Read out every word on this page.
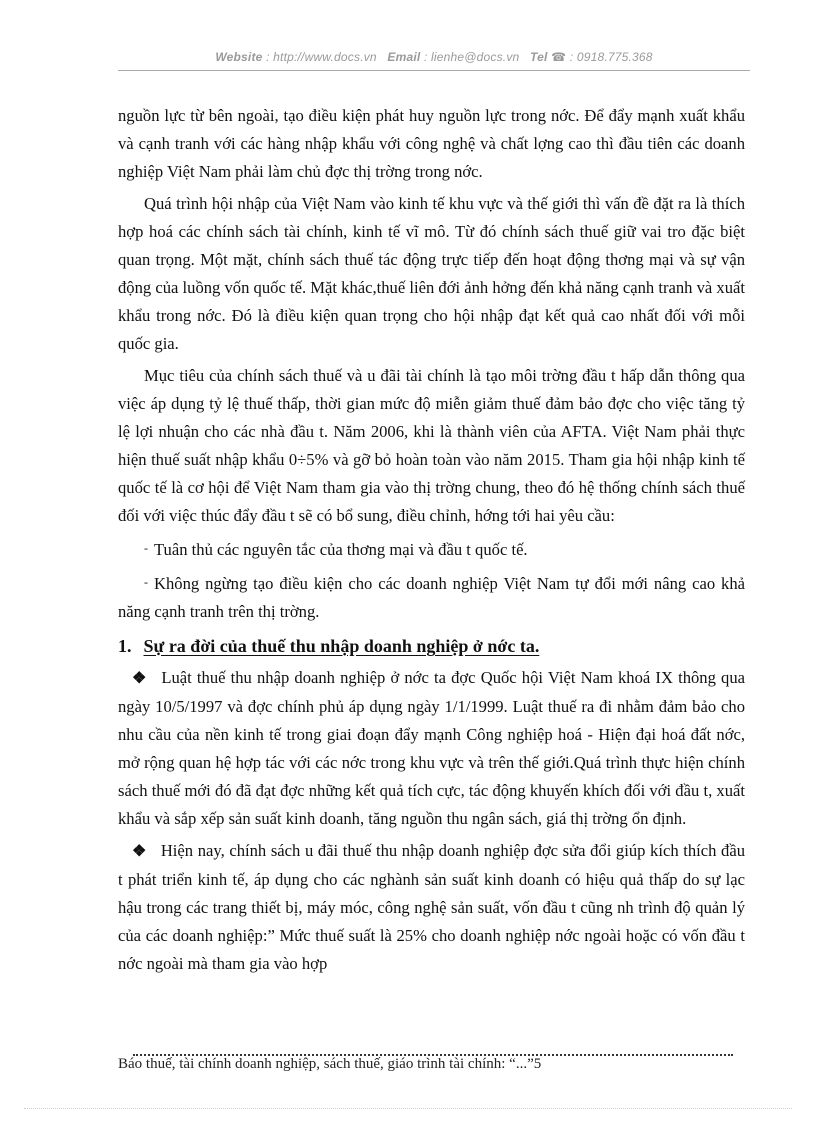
Website : http://www.docs.vn Email : lienhe@docs.vn Tel ☎ : 0918.775.368

nguồn lực từ bên ngoài, tạo điều kiện phát huy nguồn lực trong nớc. Để đẩy mạnh xuất khẩu và cạnh tranh với các hàng nhập khẩu với công nghệ và chất lợng cao thì đầu tiên các doanh nghiệp Việt Nam phải làm chủ đợc thị trờng trong nớc.

Quá trình hội nhập của Việt Nam vào kinh tế khu vực và thế giới thì vấn đề đặt ra là thích hợp hoá các chính sách tài chính, kinh tế vĩ mô. Từ đó chính sách thuế giữ vai tro đặc biệt quan trọng. Một mặt, chính sách thuế tác động trực tiếp đến hoạt động thơng mại và sự vận động của luồng vốn quốc tế. Mặt khác,thuế liên đới ảnh hởng đến khả năng cạnh tranh và xuất khẩu trong nớc. Đó là điều kiện quan trọng cho hội nhập đạt kết quả cao nhất đối với mỗi quốc gia.

Mục tiêu của chính sách thuế và u đãi tài chính là tạo môi trờng đầu t hấp dẫn thông qua việc áp dụng tỷ lệ thuế thấp, thời gian mức độ miễn giảm thuế đảm bảo đợc cho việc tăng tỷ lệ lợi nhuận cho các nhà đầu t. Năm 2006, khi là thành viên của AFTA. Việt Nam phải thực hiện thuế suất nhập khẩu 0÷5% và gỡ bỏ hoàn toàn vào năm 2015. Tham gia hội nhập kinh tế quốc tế là cơ hội để Việt Nam tham gia vào thị trờng chung, theo đó hệ thống chính sách thuế đối với việc thúc đẩy đầu t sẽ có bổ sung, điều chỉnh, hớng tới hai yêu cầu:

- Tuân thủ các nguyên tắc của thơng mại và đầu t quốc tế.

- Không ngừng tạo điều kiện cho các doanh nghiệp Việt Nam tự đổi mới nâng cao khả năng cạnh tranh trên thị trờng.

1. Sự ra đời của thuế thu nhập doanh nghiệp ở nớc ta.

❖ Luật thuế thu nhập doanh nghiệp ở nớc ta đợc Quốc hội Việt Nam khoá IX thông qua ngày 10/5/1997 và đợc chính phủ áp dụng ngày 1/1/1999. Luật thuế ra đi nhằm đảm bảo cho nhu cầu của nền kinh tế trong giai đoạn đẩy mạnh Công nghiệp hoá - Hiện đại hoá đất nớc, mở rộng quan hệ hợp tác với các nớc trong khu vực và trên thế giới.Quá trình thực hiện chính sách thuế mới đó đã đạt đợc những kết quả tích cực, tác động khuyến khích đối với đầu t, xuất khẩu và sắp xếp sản suất kinh doanh, tăng nguồn thu ngân sách, giá thị trờng ổn định.

❖ Hiện nay, chính sách u đãi thuế thu nhập doanh nghiệp đợc sửa đổi giúp kích thích đầu t phát triển kinh tế, áp dụng cho các nghành sản suất kinh doanh có hiệu quả thấp do sự lạc hậu trong các trang thiết bị, máy móc, công nghệ sản suất, vốn đầu t cũng nh trình độ quản lý của các doanh nghiệp:” Mức thuế suất là 25% cho doanh nghiệp nớc ngoài hoặc có vốn đầu t nớc ngoài mà tham gia vào hợp

Báo thuế, tài chính doanh nghiệp, sách thuế, giáo trình tài chính: “...”5
